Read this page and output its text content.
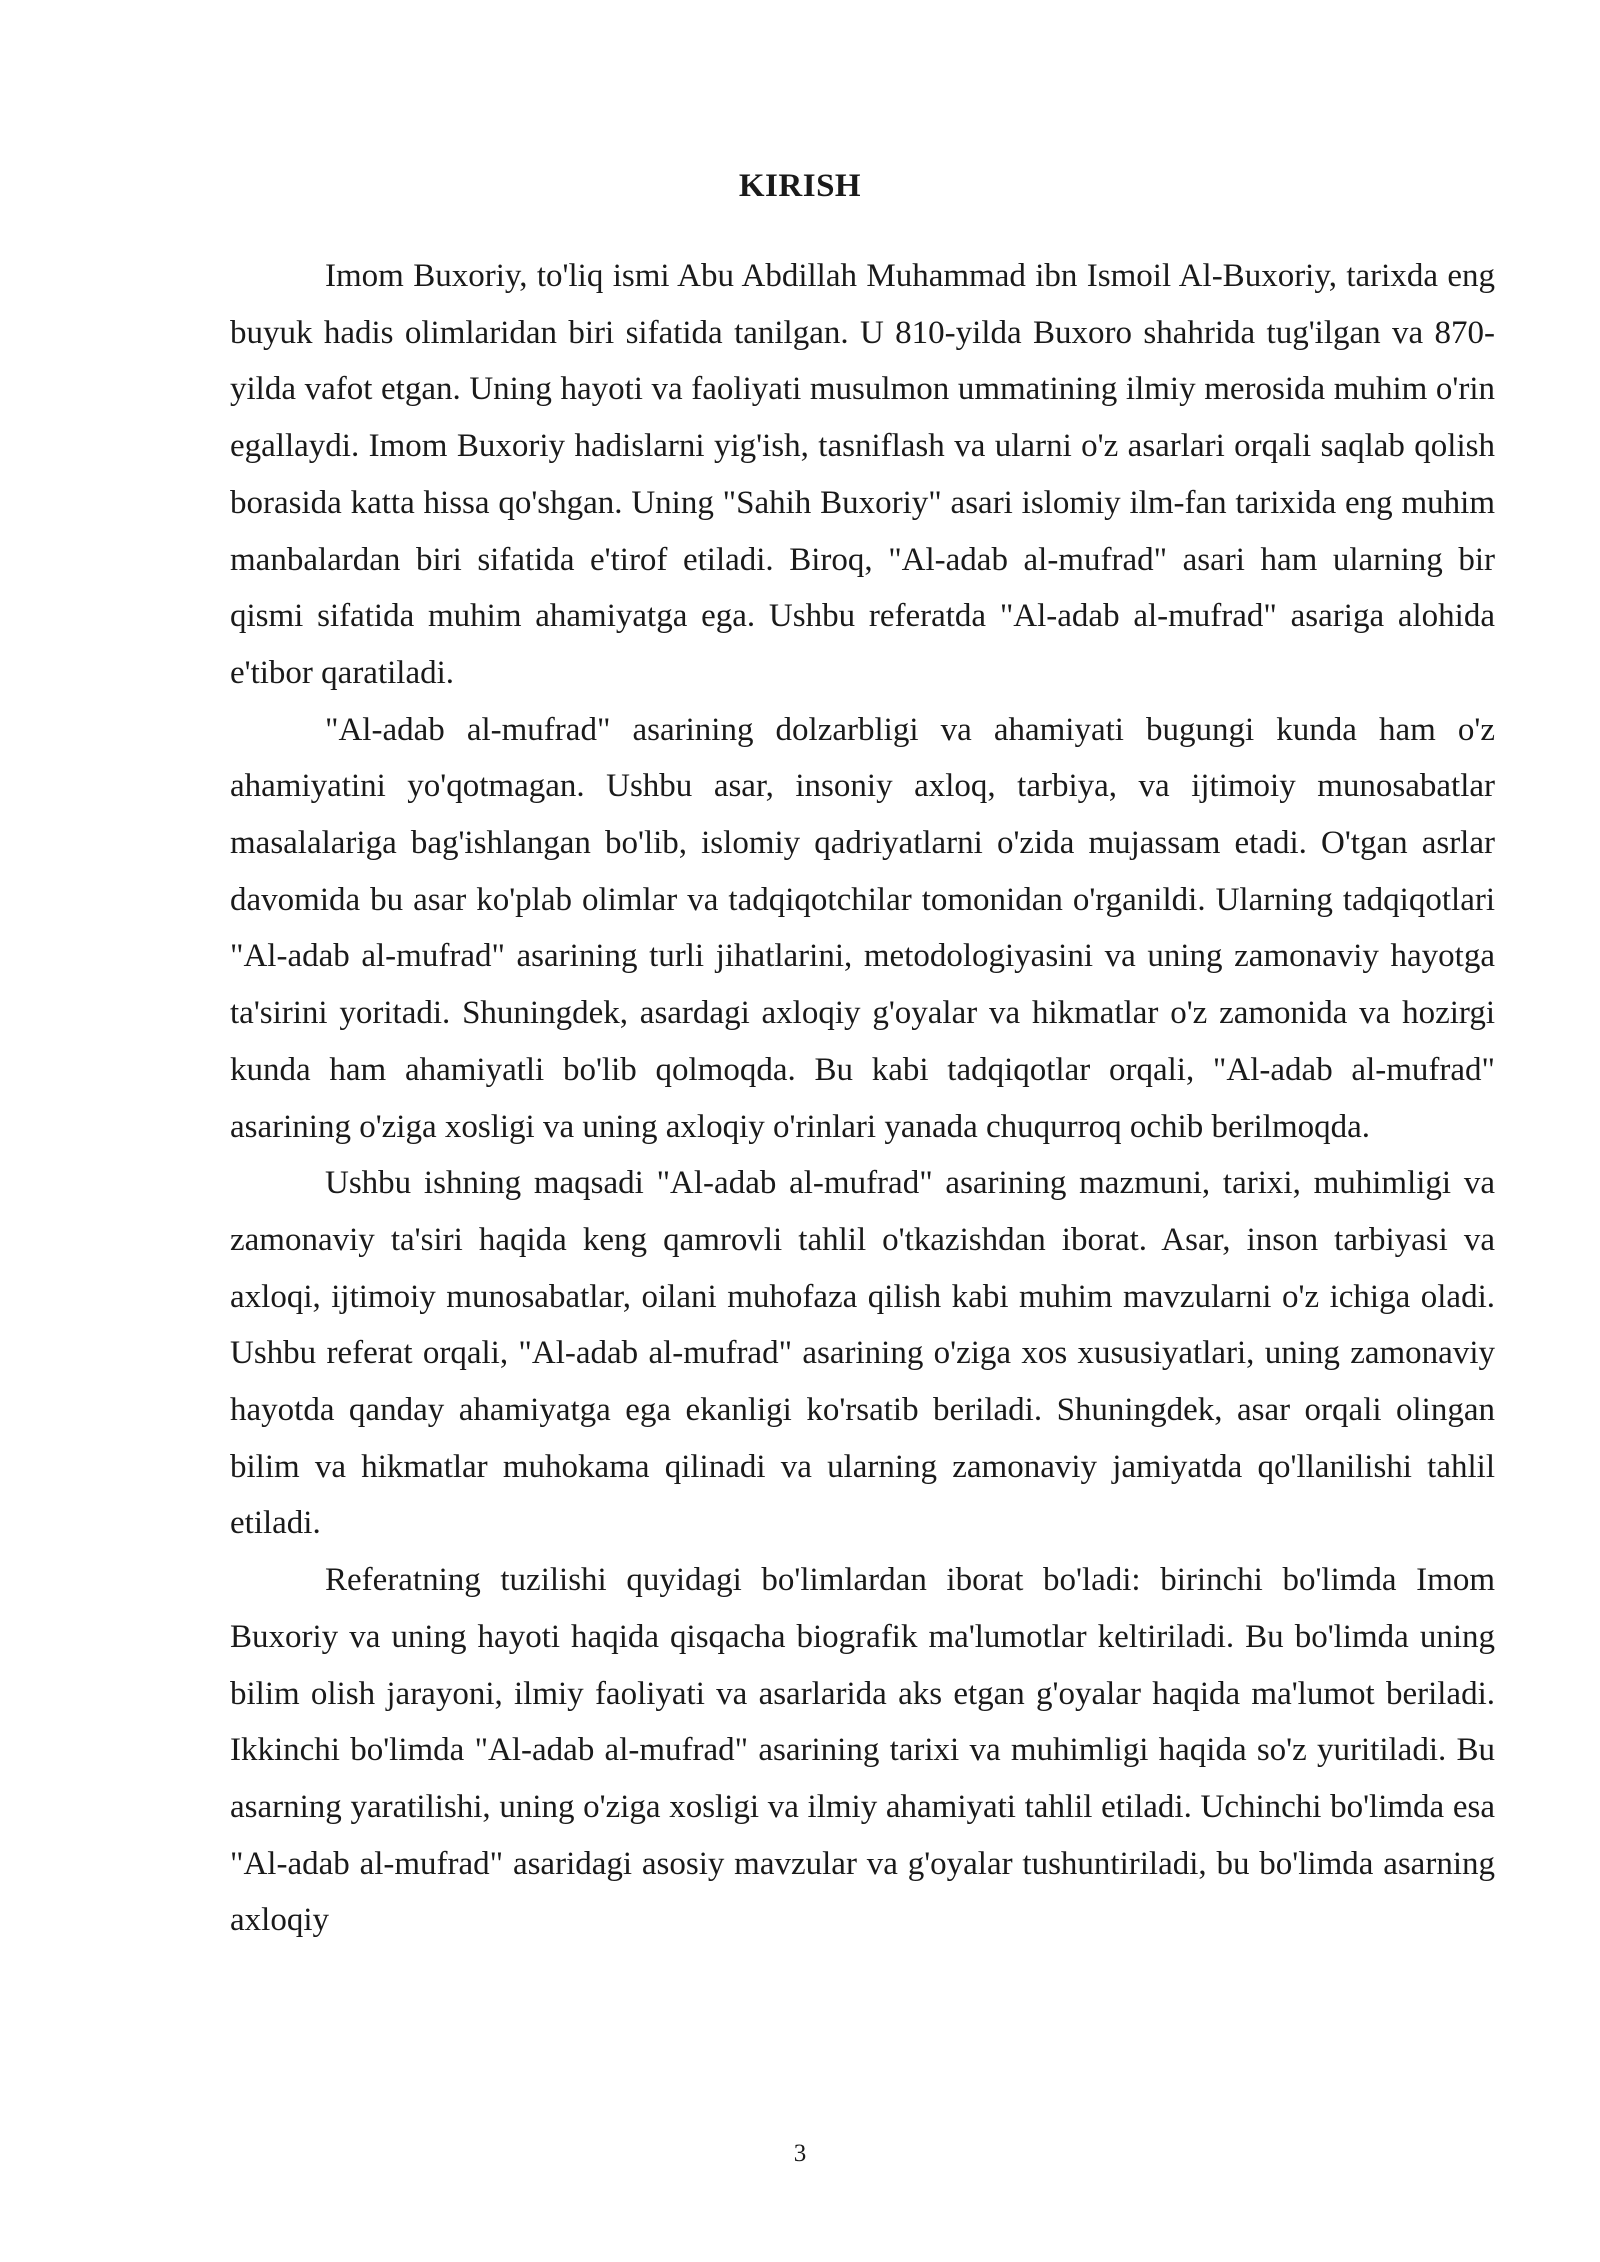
KIRISH

Imom Buxoriy, to'liq ismi Abu Abdillah Muhammad ibn Ismoil Al-Buxoriy, tarixda eng buyuk hadis olimlaridan biri sifatida tanilgan. U 810-yilda Buxoro shahrida tug'ilgan va 870-yilda vafot etgan. Uning hayoti va faoliyati musulmon ummatining ilmiy merosida muhim o'rin egallaydi. Imom Buxoriy hadislarni yig'ish, tasniflash va ularni o'z asarlari orqali saqlab qolish borasida katta hissa qo'shgan. Uning "Sahih Buxoriy" asari islomiy ilm-fan tarixida eng muhim manbalardan biri sifatida e'tirof etiladi. Biroq, "Al-adab al-mufrad" asari ham ularning bir qismi sifatida muhim ahamiyatga ega. Ushbu referatda "Al-adab al-mufrad" asariga alohida e'tibor qaratiladi.

"Al-adab al-mufrad" asarining dolzarbligi va ahamiyati bugungi kunda ham o'z ahamiyatini yo'qotmagan. Ushbu asar, insoniy axloq, tarbiya, va ijtimoiy munosabatlar masalalariga bag'ishlangan bo'lib, islomiy qadriyatlarni o'zida mujassam etadi. O'tgan asrlar davomida bu asar ko'plab olimlar va tadqiqotchilar tomonidan o'rganildi. Ularning tadqiqotlari "Al-adab al-mufrad" asarining turli jihatlarini, metodologiyasini va uning zamonaviy hayotga ta'sirini yoritadi. Shuningdek, asardagi axloqiy g'oyalar va hikmatlar o'z zamonida va hozirgi kunda ham ahamiyatli bo'lib qolmoqda. Bu kabi tadqiqotlar orqali, "Al-adab al-mufrad" asarining o'ziga xosligi va uning axloqiy o'rinlari yanada chuqurroq ochib berilmoqda.

Ushbu ishning maqsadi "Al-adab al-mufrad" asarining mazmuni, tarixi, muhimligi va zamonaviy ta'siri haqida keng qamrovli tahlil o'tkazishdan iborat. Asar, inson tarbiyasi va axloqi, ijtimoiy munosabatlar, oilani muhofaza qilish kabi muhim mavzularni o'z ichiga oladi. Ushbu referat orqali, "Al-adab al-mufrad" asarining o'ziga xos xususiyatlari, uning zamonaviy hayotda qanday ahamiyatga ega ekanligi ko'rsatib beriladi. Shuningdek, asar orqali olingan bilim va hikmatlar muhokama qilinadi va ularning zamonaviy jamiyatda qo'llanilishi tahlil etiladi.

Referatning tuzilishi quyidagi bo'limlardan iborat bo'ladi: birinchi bo'limda Imom Buxoriy va uning hayoti haqida qisqacha biografik ma'lumotlar keltiriladi. Bu bo'limda uning bilim olish jarayoni, ilmiy faoliyati va asarlarida aks etgan g'oyalar haqida ma'lumot beriladi. Ikkinchi bo'limda "Al-adab al-mufrad" asarining tarixi va muhimligi haqida so'z yuritiladi. Bu asarning yaratilishi, uning o'ziga xosligi va ilmiy ahamiyati tahlil etiladi. Uchinchi bo'limda esa "Al-adab al-mufrad" asaridagi asosiy mavzular va g'oyalar tushuntiriladi, bu bo'limda asarning axloqiy

3
